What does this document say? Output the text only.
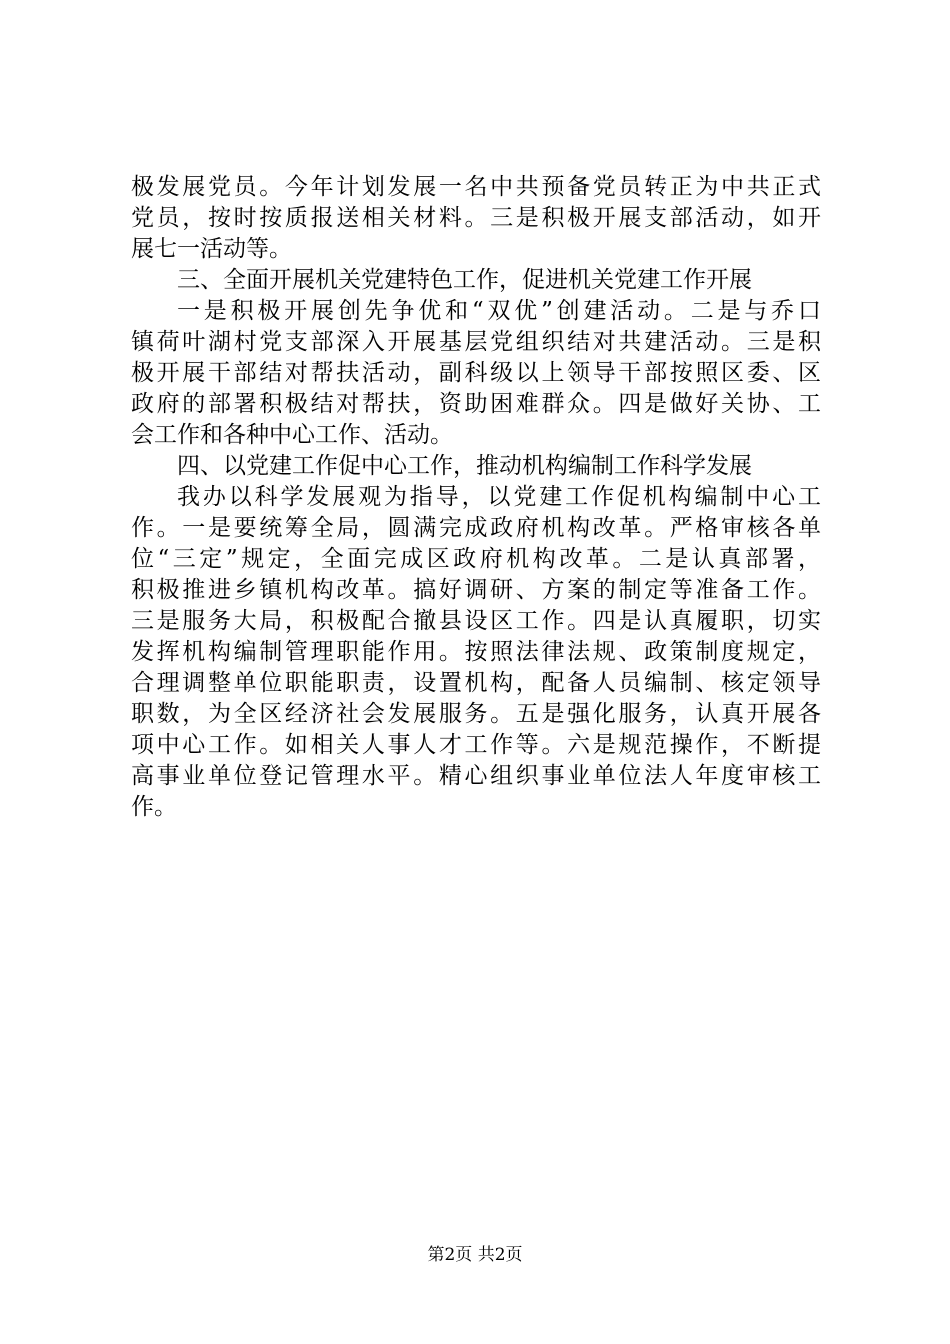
极发展党员。今年计划发展一名中共预备党员转正为中共正式
党员，按时按质报送相关材料。三是积极开展支部活动，如开
展七一活动等。
三、全面开展机关党建特色工作，促进机关党建工作开展
一是积极开展创先争优和“双优”创建活动。二是与乔口
镇荷叶湖村党支部深入开展基层党组织结对共建活动。三是积
极开展干部结对帮扶活动，副科级以上领导干部按照区委、区
政府的部署积极结对帮扶，资助困难群众。四是做好关协、工
会工作和各种中心工作、活动。
四、以党建工作促中心工作，推动机构编制工作科学发展
我办以科学发展观为指导，以党建工作促机构编制中心工
作。一是要统筹全局，圆满完成政府机构改革。严格审核各单
位“三定”规定，全面完成区政府机构改革。二是认真部署，
积极推进乡镇机构改革。搞好调研、方案的制定等准备工作。
三是服务大局，积极配合撤县设区工作。四是认真履职，切实
发挥机构编制管理职能作用。按照法律法规、政策制度规定，
合理调整单位职能职责，设置机构，配备人员编制、核定领导
职数，为全区经济社会发展服务。五是强化服务，认真开展各
项中心工作。如相关人事人才工作等。六是规范操作，不断提
高事业单位登记管理水平。精心组织事业单位法人年度审核工
作。
第2页 共2页
